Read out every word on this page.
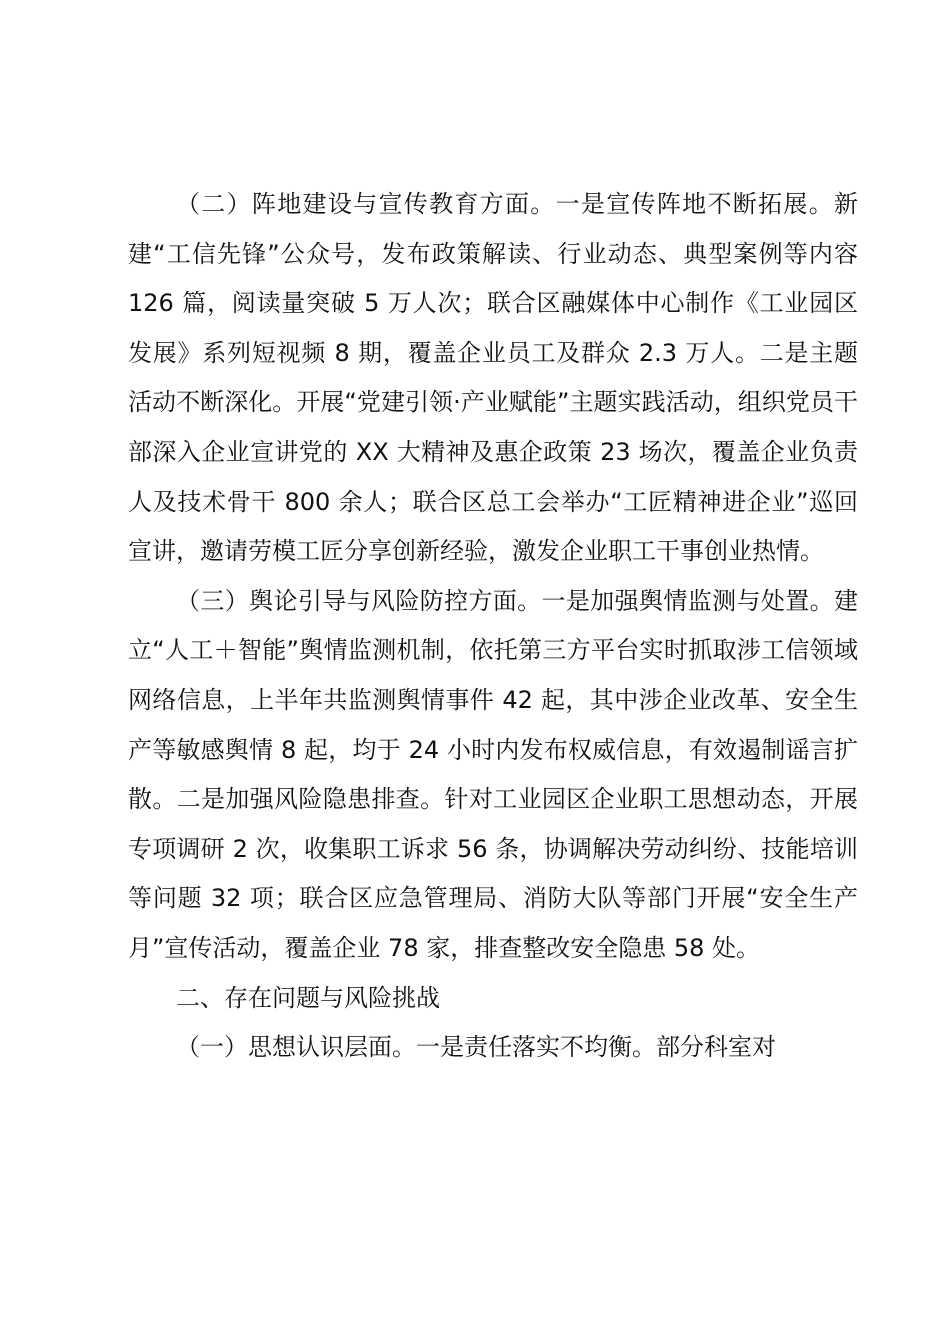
（二）阵地建设与宣传教育方面。一是宣传阵地不断拓展。新建“工信先锋”公众号，发布政策解读、行业动态、典型案例等内容 126 篇，阅读量突破 5 万人次；联合区融媒体中心制作《工业园区发展》系列短视频 8 期，覆盖企业员工及群众 2.3 万人。二是主题活动不断深化。开展“党建引领·产业赋能”主题实践活动，组织党员干部深入企业宣讲党的 XX 大精神及惠企政策 23 场次，覆盖企业负责人及技术骨干 800 余人；联合区总工会举办“工匠精神进企业”巡回宣讲，邀请劳模工匠分享创新经验，激发企业职工干事创业热情。

（三）舆论引导与风险防控方面。一是加强舆情监测与处置。建立“人工＋智能”舆情监测机制，依托第三方平台实时抓取涉工信领域网络信息，上半年共监测舆情事件 42 起，其中涉企业改革、安全生产等敏感舆情 8 起，均于 24 小时内发布权威信息，有效遏制谣言扩散。二是加强风险隐患排查。针对工业园区企业职工思想动态，开展专项调研 2 次，收集职工诉求 56 条，协调解决劳动纠纷、技能培训等问题 32 项；联合区应急管理局、消防大队等部门开展“安全生产月”宣传活动，覆盖企业 78 家，排查整改安全隐患 58 处。

二、存在问题与风险挑战

（一）思想认识层面。一是责任落实不均衡。部分科室对
